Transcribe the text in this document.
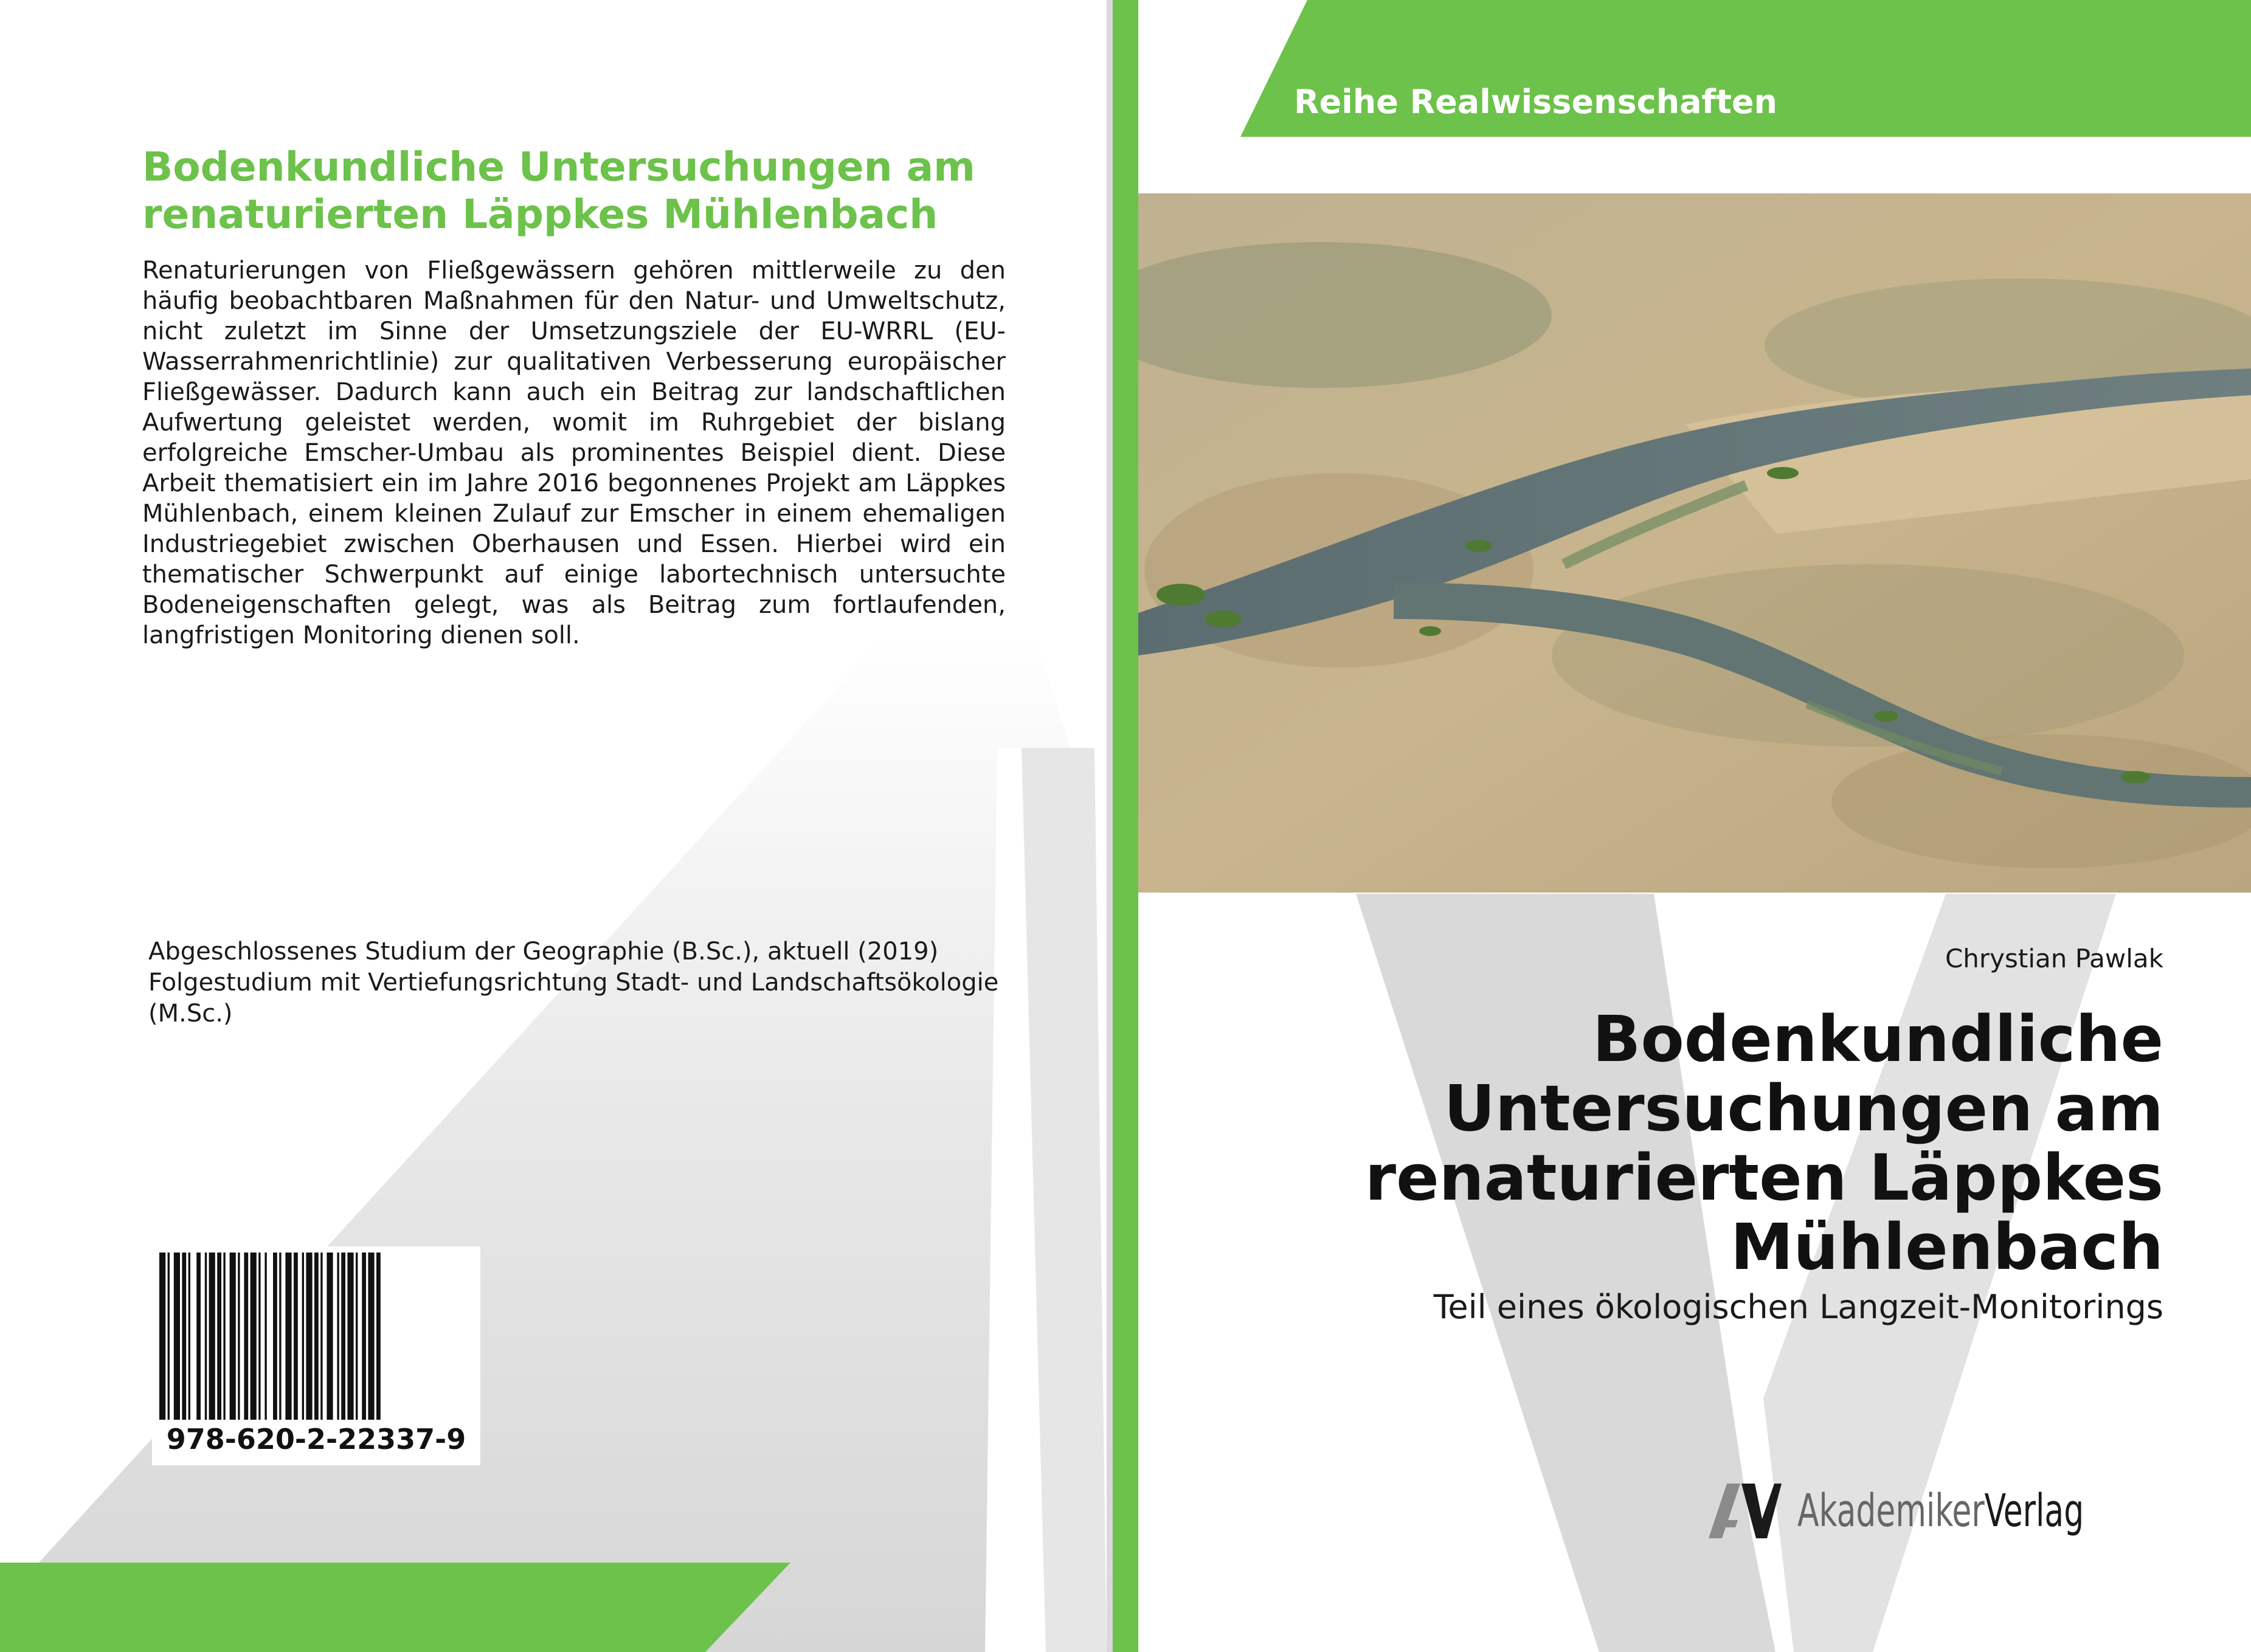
Reihe Realwissenschaften
Bodenkundliche Untersuchungen am renaturierten Läppkes Mühlenbach
Renaturierungen von Fließgewässern gehören mittlerweile zu den häufig beobachtbaren Maßnahmen für den Natur- und Umweltschutz, nicht zuletzt im Sinne der Umsetzungsziele der EU-WRRL (EU-Wasserrahmenrichtlinie) zur qualitativen Verbesserung europäischer Fließgewässer. Dadurch kann auch ein Beitrag zur landschaftlichen Aufwertung geleistet werden, womit im Ruhrgebiet der bislang erfolgreiche Emscher-Umbau als prominentes Beispiel dient. Diese Arbeit thematisiert ein im Jahre 2016 begonnenes Projekt am Läppkes Mühlenbach, einem kleinen Zulauf zur Emscher in einem ehemaligen Industriegebiet zwischen Oberhausen und Essen. Hierbei wird ein thematischer Schwerpunkt auf einige labortechnisch untersuchte Bodeneigenschaften gelegt, was als Beitrag zum fortlaufenden, langfristigen Monitoring dienen soll.
Abgeschlossenes Studium der Geographie (B.Sc.), aktuell (2019) Folgestudium mit Vertiefungsrichtung Stadt- und Landschaftsökologie (M.Sc.)
978-620-2-22337-9
Chrystian Pawlak
Bodenkundliche Untersuchungen am renaturierten Läppkes Mühlenbach
Teil eines ökologischen Langzeit-Monitorings
AkademikerVerlag
